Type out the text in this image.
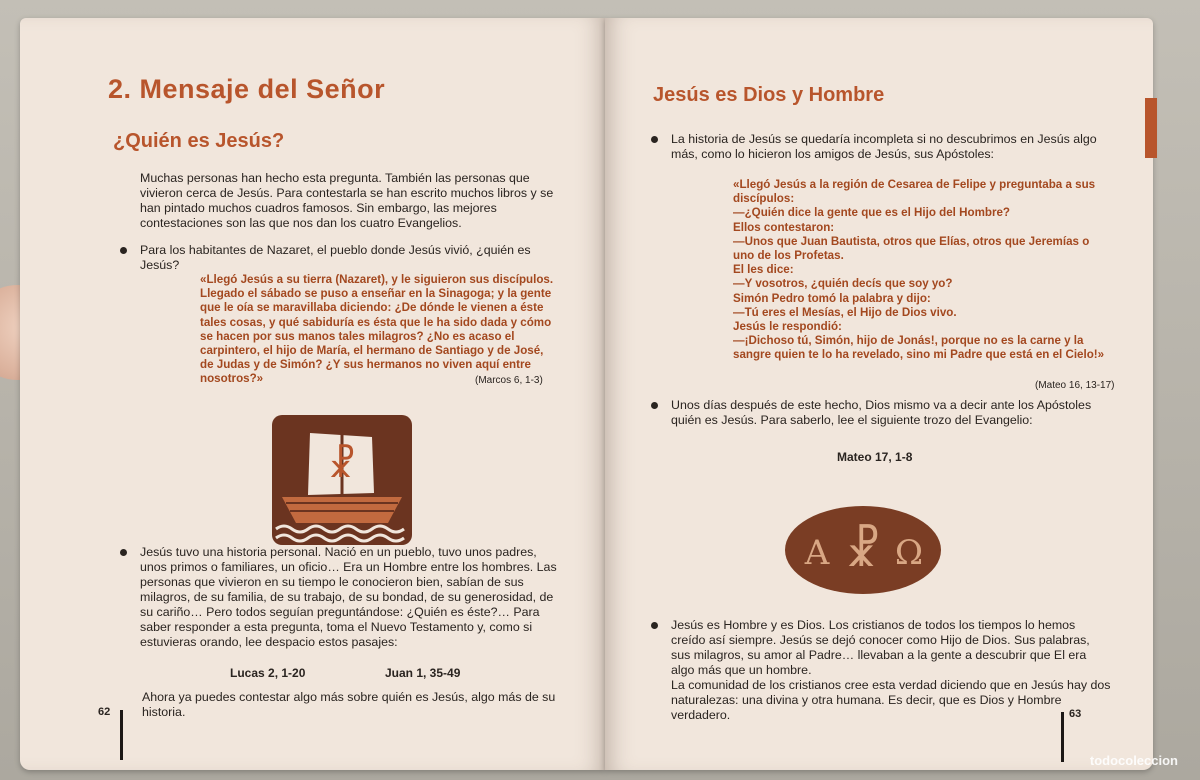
2. Mensaje del Señor
¿Quién es Jesús?
Muchas personas han hecho esta pregunta. También las personas que vivieron cerca de Jesús. Para contestarla se han escrito muchos libros y se han pintado muchos cuadros famosos. Sin embargo, las mejores contestaciones son las que nos dan los cuatro Evangelios.
Para los habitantes de Nazaret, el pueblo donde Jesús vivió, ¿quién es Jesús?
«Llegó Jesús a su tierra (Nazaret), y le siguieron sus discípulos. Llegado el sábado se puso a enseñar en la Sinagoga; y la gente que le oía se maravillaba diciendo: ¿De dónde le vienen a éste tales cosas, y qué sabiduría es ésta que le ha sido dada y cómo se hacen por sus manos tales milagros? ¿No es acaso el carpintero, el hijo de María, el hermano de Santiago y de José, de Judas y de Simón? ¿Y sus hermanos no viven aquí entre nosotros?»	(Marcos 6, 1-3)
☧
Jesús tuvo una historia personal. Nació en un pueblo, tuvo unos padres, unos primos o familiares, un oficio… Era un Hombre entre los hombres. Las personas que vivieron en su tiempo le conocieron bien, sabían de sus milagros, de su familia, de su trabajo, de su bondad, de su generosidad, de su cariño… Pero todos seguían preguntándose: ¿Quién es éste?… Para saber responder a esta pregunta, toma el Nuevo Testamento y, como si estuvieras orando, lee despacio estos pasajes:
Lucas 2, 1-20	Juan 1, 35-49
Ahora ya puedes contestar algo más sobre quién es Jesús, algo más de su historia.
62
Jesús es Dios y Hombre
La historia de Jesús se quedaría incompleta si no descubrimos en Jesús algo más, como lo hicieron los amigos de Jesús, sus Apóstoles:
«Llegó Jesús a la región de Cesarea de Felipe y preguntaba a sus discípulos:
—¿Quién dice la gente que es el Hijo del Hombre?
Ellos contestaron:
—Unos que Juan Bautista, otros que Elías, otros que Jeremías o uno de los Profetas.
El les dice:
—Y vosotros, ¿quién decís que soy yo?
Simón Pedro tomó la palabra y dijo:
—Tú eres el Mesías, el Hijo de Dios vivo.
Jesús le respondió:
—¡Dichoso tú, Simón, hijo de Jonás!, porque no es la carne y la sangre quien te lo ha revelado, sino mi Padre que está en el Cielo!»
(Mateo 16, 13-17)
Unos días después de este hecho, Dios mismo va a decir ante los Apóstoles quién es Jesús. Para saberlo, lee el siguiente trozo del Evangelio:
Mateo 17, 1-8
A ☧ Ω
Jesús es Hombre y es Dios. Los cristianos de todos los tiempos lo hemos creído así siempre. Jesús se dejó conocer como Hijo de Dios. Sus palabras, sus milagros, su amor al Padre… llevaban a la gente a descubrir que El era algo más que un hombre.
La comunidad de los cristianos cree esta verdad diciendo que en Jesús hay dos naturalezas: una divina y otra humana. Es decir, que es Dios y Hombre verdadero.	63
todocoleccion
